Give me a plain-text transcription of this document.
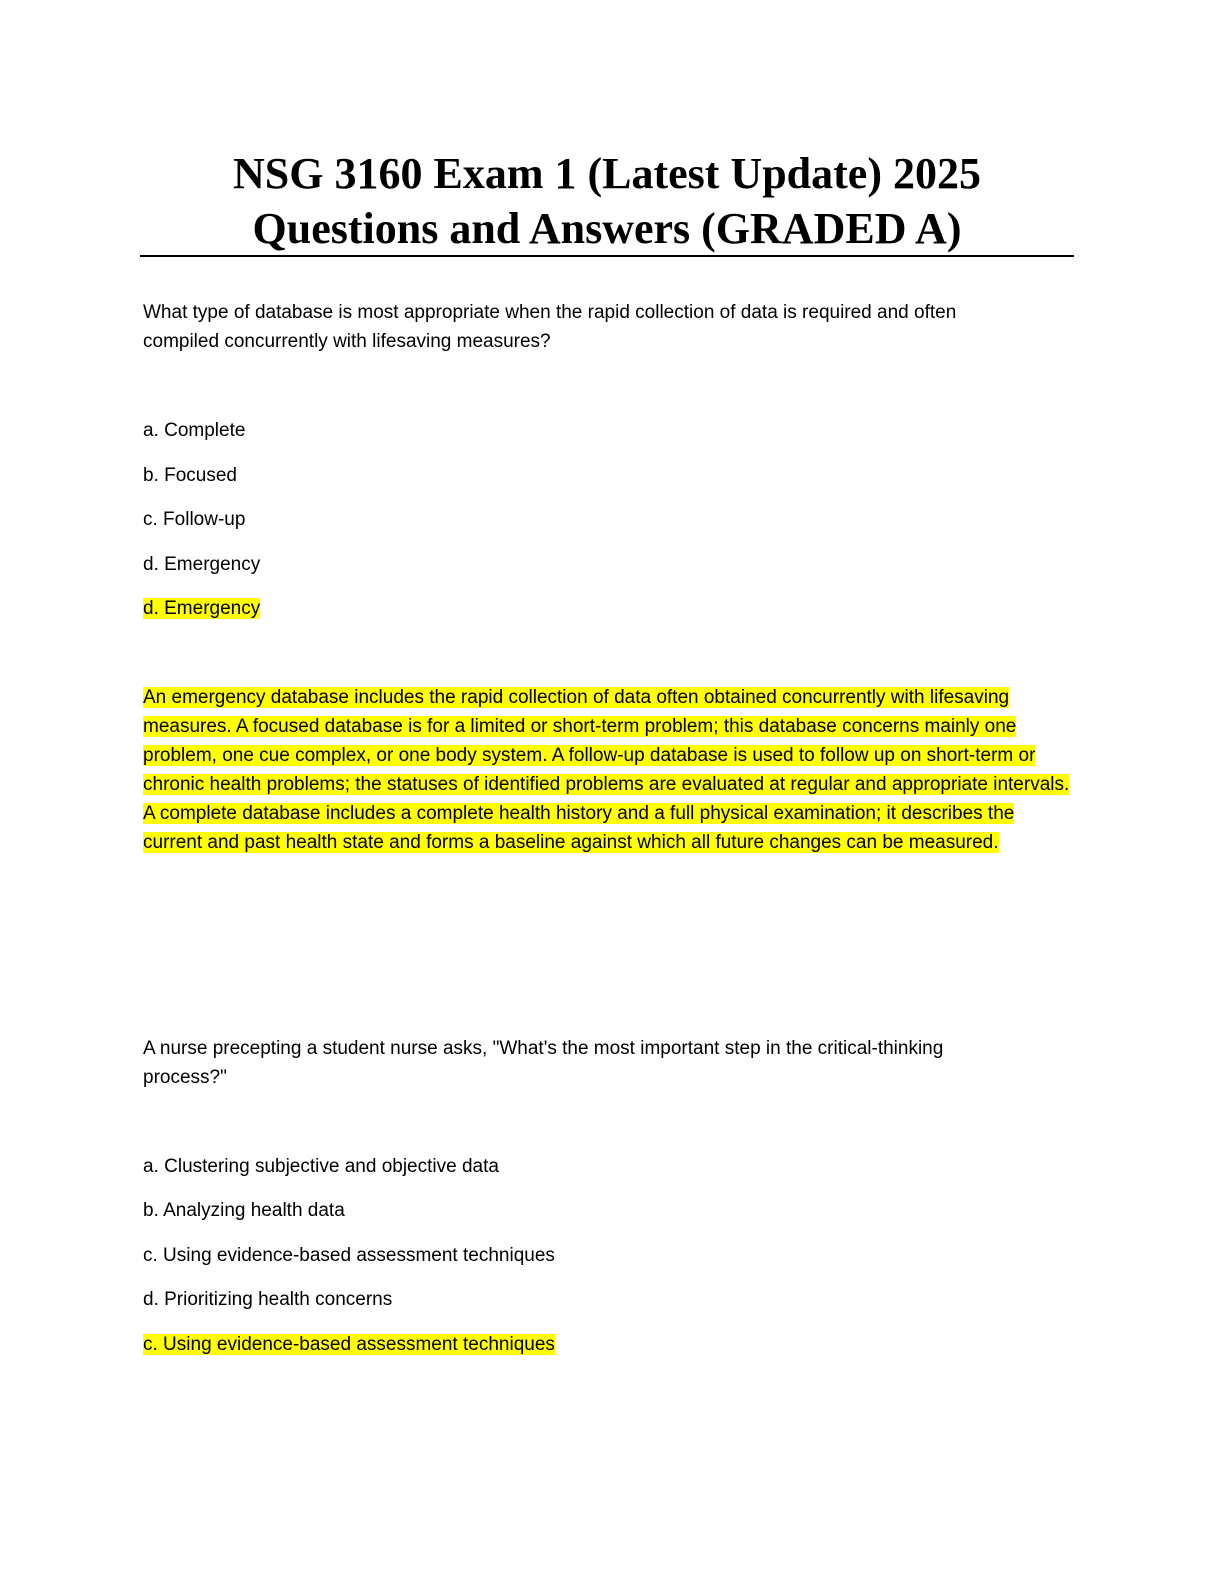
NSG 3160 Exam 1 (Latest Update) 2025
Questions and Answers (GRADED A)
What type of database is most appropriate when the rapid collection of data is required and often
compiled concurrently with lifesaving measures?
a. Complete
b. Focused
c. Follow-up
d. Emergency
d. Emergency
An emergency database includes the rapid collection of data often obtained concurrently with lifesaving measures. A focused database is for a limited or short-term problem; this database concerns mainly one problem, one cue complex, or one body system. A follow-up database is used to follow up on short-term or chronic health problems; the statuses of identified problems are evaluated at regular and appropriate intervals. A complete database includes a complete health history and a full physical examination; it describes the current and past health state and forms a baseline against which all future changes can be measured.
A nurse precepting a student nurse asks, "What's the most important step in the critical-thinking
process?"
a. Clustering subjective and objective data
b. Analyzing health data
c. Using evidence-based assessment techniques
d. Prioritizing health concerns
c. Using evidence-based assessment techniques
